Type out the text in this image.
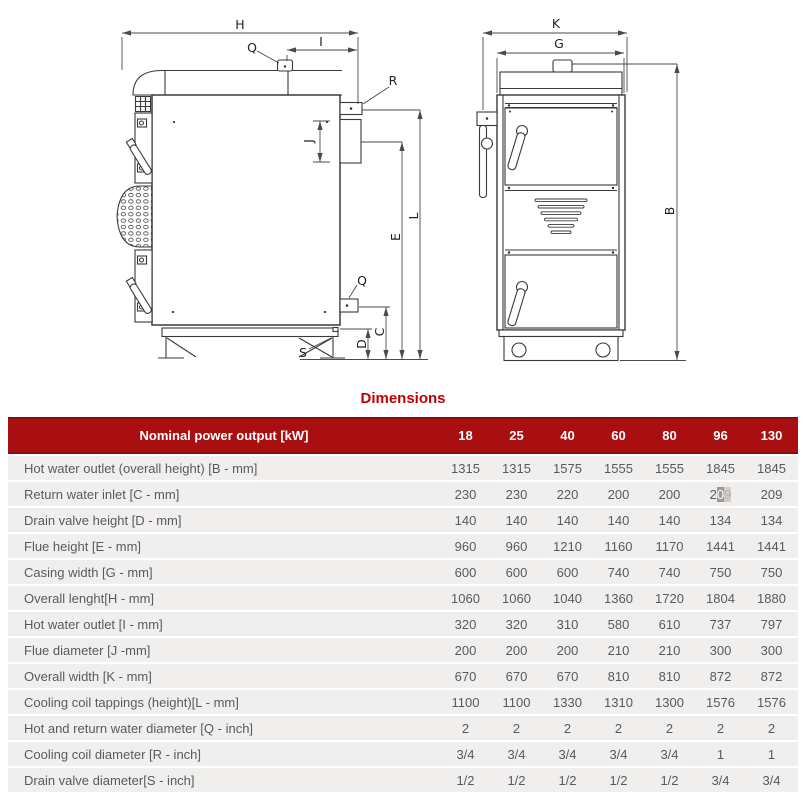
H
Q	I
R
J
E
L
Q
C
D
S
K
G
B
Dimensions
Nominal power output [kW]	18	25	40	60	80	96	130
Hot water outlet (overall height) [B - mm]	1315	1315	1575	1555	1555	1845	1845
Return water inlet [C - mm]	230	230	220	200	200	209	209
Drain valve height [D - mm]	140	140	140	140	140	134	134
Flue height [E - mm]	960	960	1210	1160	1170	1441	1441
Casing width [G - mm]	600	600	600	740	740	750	750
Overall lenght[H - mm]	1060	1060	1040	1360	1720	1804	1880
Hot water outlet [I - mm]	320	320	310	580	610	737	797
Flue diameter [J -mm]	200	200	200	210	210	300	300
Overall width [K - mm]	670	670	670	810	810	872	872
Cooling coil tappings (height)[L - mm]	1100	1100	1330	1310	1300	1576	1576
Hot and return water diameter [Q - inch]	2	2	2	2	2	2	2
Cooling coil diameter [R - inch]	3/4	3/4	3/4	3/4	3/4	1	1
Drain valve diameter[S - inch]	1/2	1/2	1/2	1/2	1/2	3/4	3/4
